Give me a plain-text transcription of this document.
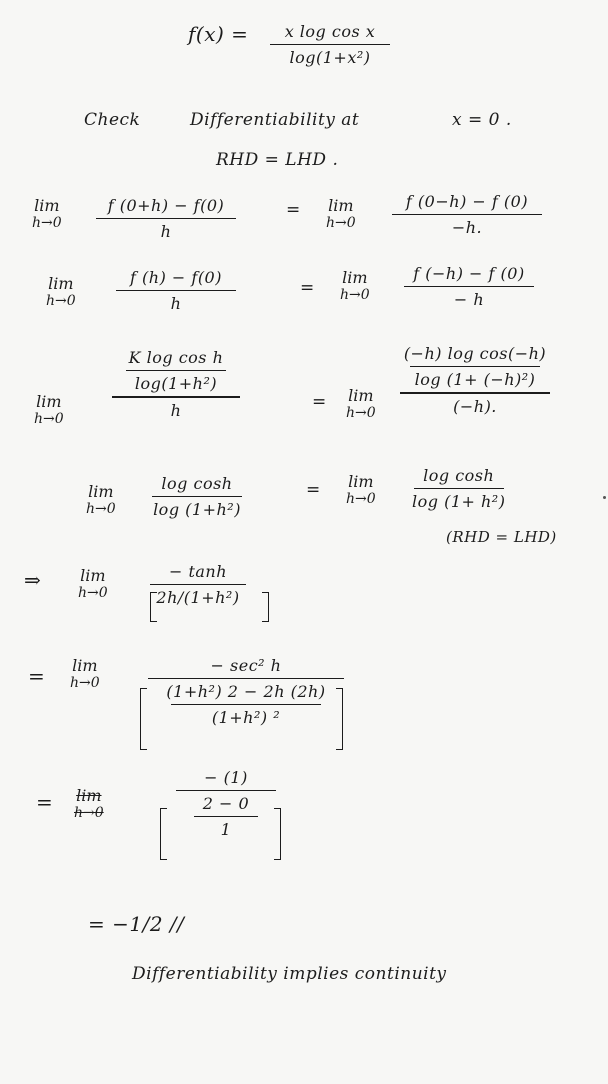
f(x) = x log cos x
log(1+x²)
Check	Differentiability at	x = 0 .
RHD = LHD .
lim
h→0
f (0+h) − f(0)
h
= lim
h→0
f (0−h) − f (0)
−h.
lim
h→0
f (h) − f(0)
h
=
lim
h→0
f (−h) − f (0)
− h
lim
h→0
K log cos h
log(1+h²)
h	= lim
h→0
(−h) log cos(−h)
log (1+ (−h)²)
(−h).
lim
h→0
log cosh
log (1+h²)
= lim
h→0
log cosh
log (1+ h²)
(RHD = LHD)
⇒ lim
h→0
− tanh
2h/(1+h²)
= lim
h→0
− sec² h
(1+h²) 2 − 2h (2h)
(1+h²) ²
= lim
h→0
− (1)
2 − 0
1
= −1/2 //
Differentiability implies continuity
